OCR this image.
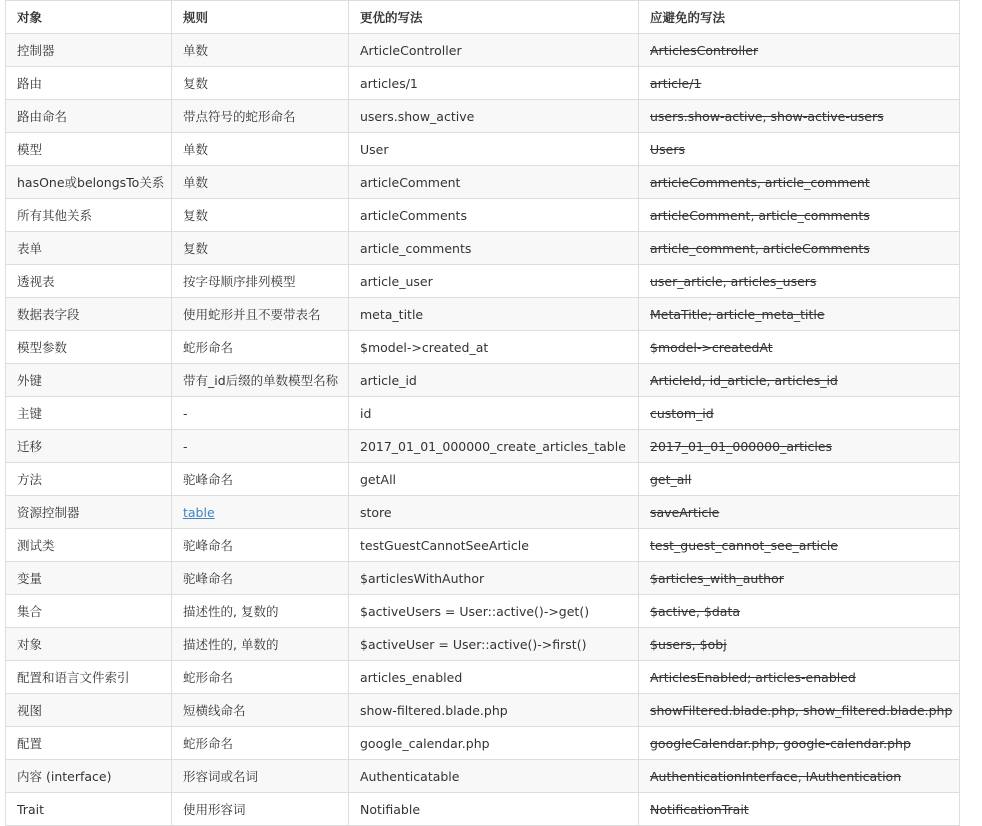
对象	规则	更优的写法	应避免的写法
控制器	单数	ArticleController	ArticlesController
路由	复数	articles/1	article/1
路由命名	带点符号的蛇形命名	users.show_active	users.show-active, show-active-users
模型	单数	User	Users
hasOne或belongsTo关系	单数	articleComment	articleComments, article_comment
所有其他关系	复数	articleComments	articleComment, article_comments
表单	复数	article_comments	article_comment, articleComments
透视表	按字母顺序排列模型	article_user	user_article, articles_users
数据表字段	使用蛇形并且不要带表名	meta_title	MetaTitle; article_meta_title
模型参数	蛇形命名	$model->created_at	$model->createdAt
外键	带有_id后缀的单数模型名称	article_id	ArticleId, id_article, articles_id
主键	-	id	custom_id
迁移	-	2017_01_01_000000_create_articles_table	2017_01_01_000000_articles
方法	驼峰命名	getAll	get_all
资源控制器	table	store	saveArticle
测试类	驼峰命名	testGuestCannotSeeArticle	test_guest_cannot_see_article
变量	驼峰命名	$articlesWithAuthor	$articles_with_author
集合	描述性的, 复数的	$activeUsers = User::active()->get()	$active, $data
对象	描述性的, 单数的	$activeUser = User::active()->first()	$users, $obj
配置和语言文件索引	蛇形命名	articles_enabled	ArticlesEnabled; articles-enabled
视图	短横线命名	show-filtered.blade.php	showFiltered.blade.php, show_filtered.blade.php
配置	蛇形命名	google_calendar.php	googleCalendar.php, google-calendar.php
内容 (interface)	形容词或名词	Authenticatable	AuthenticationInterface, IAuthentication
Trait	使用形容词	Notifiable	NotificationTrait
